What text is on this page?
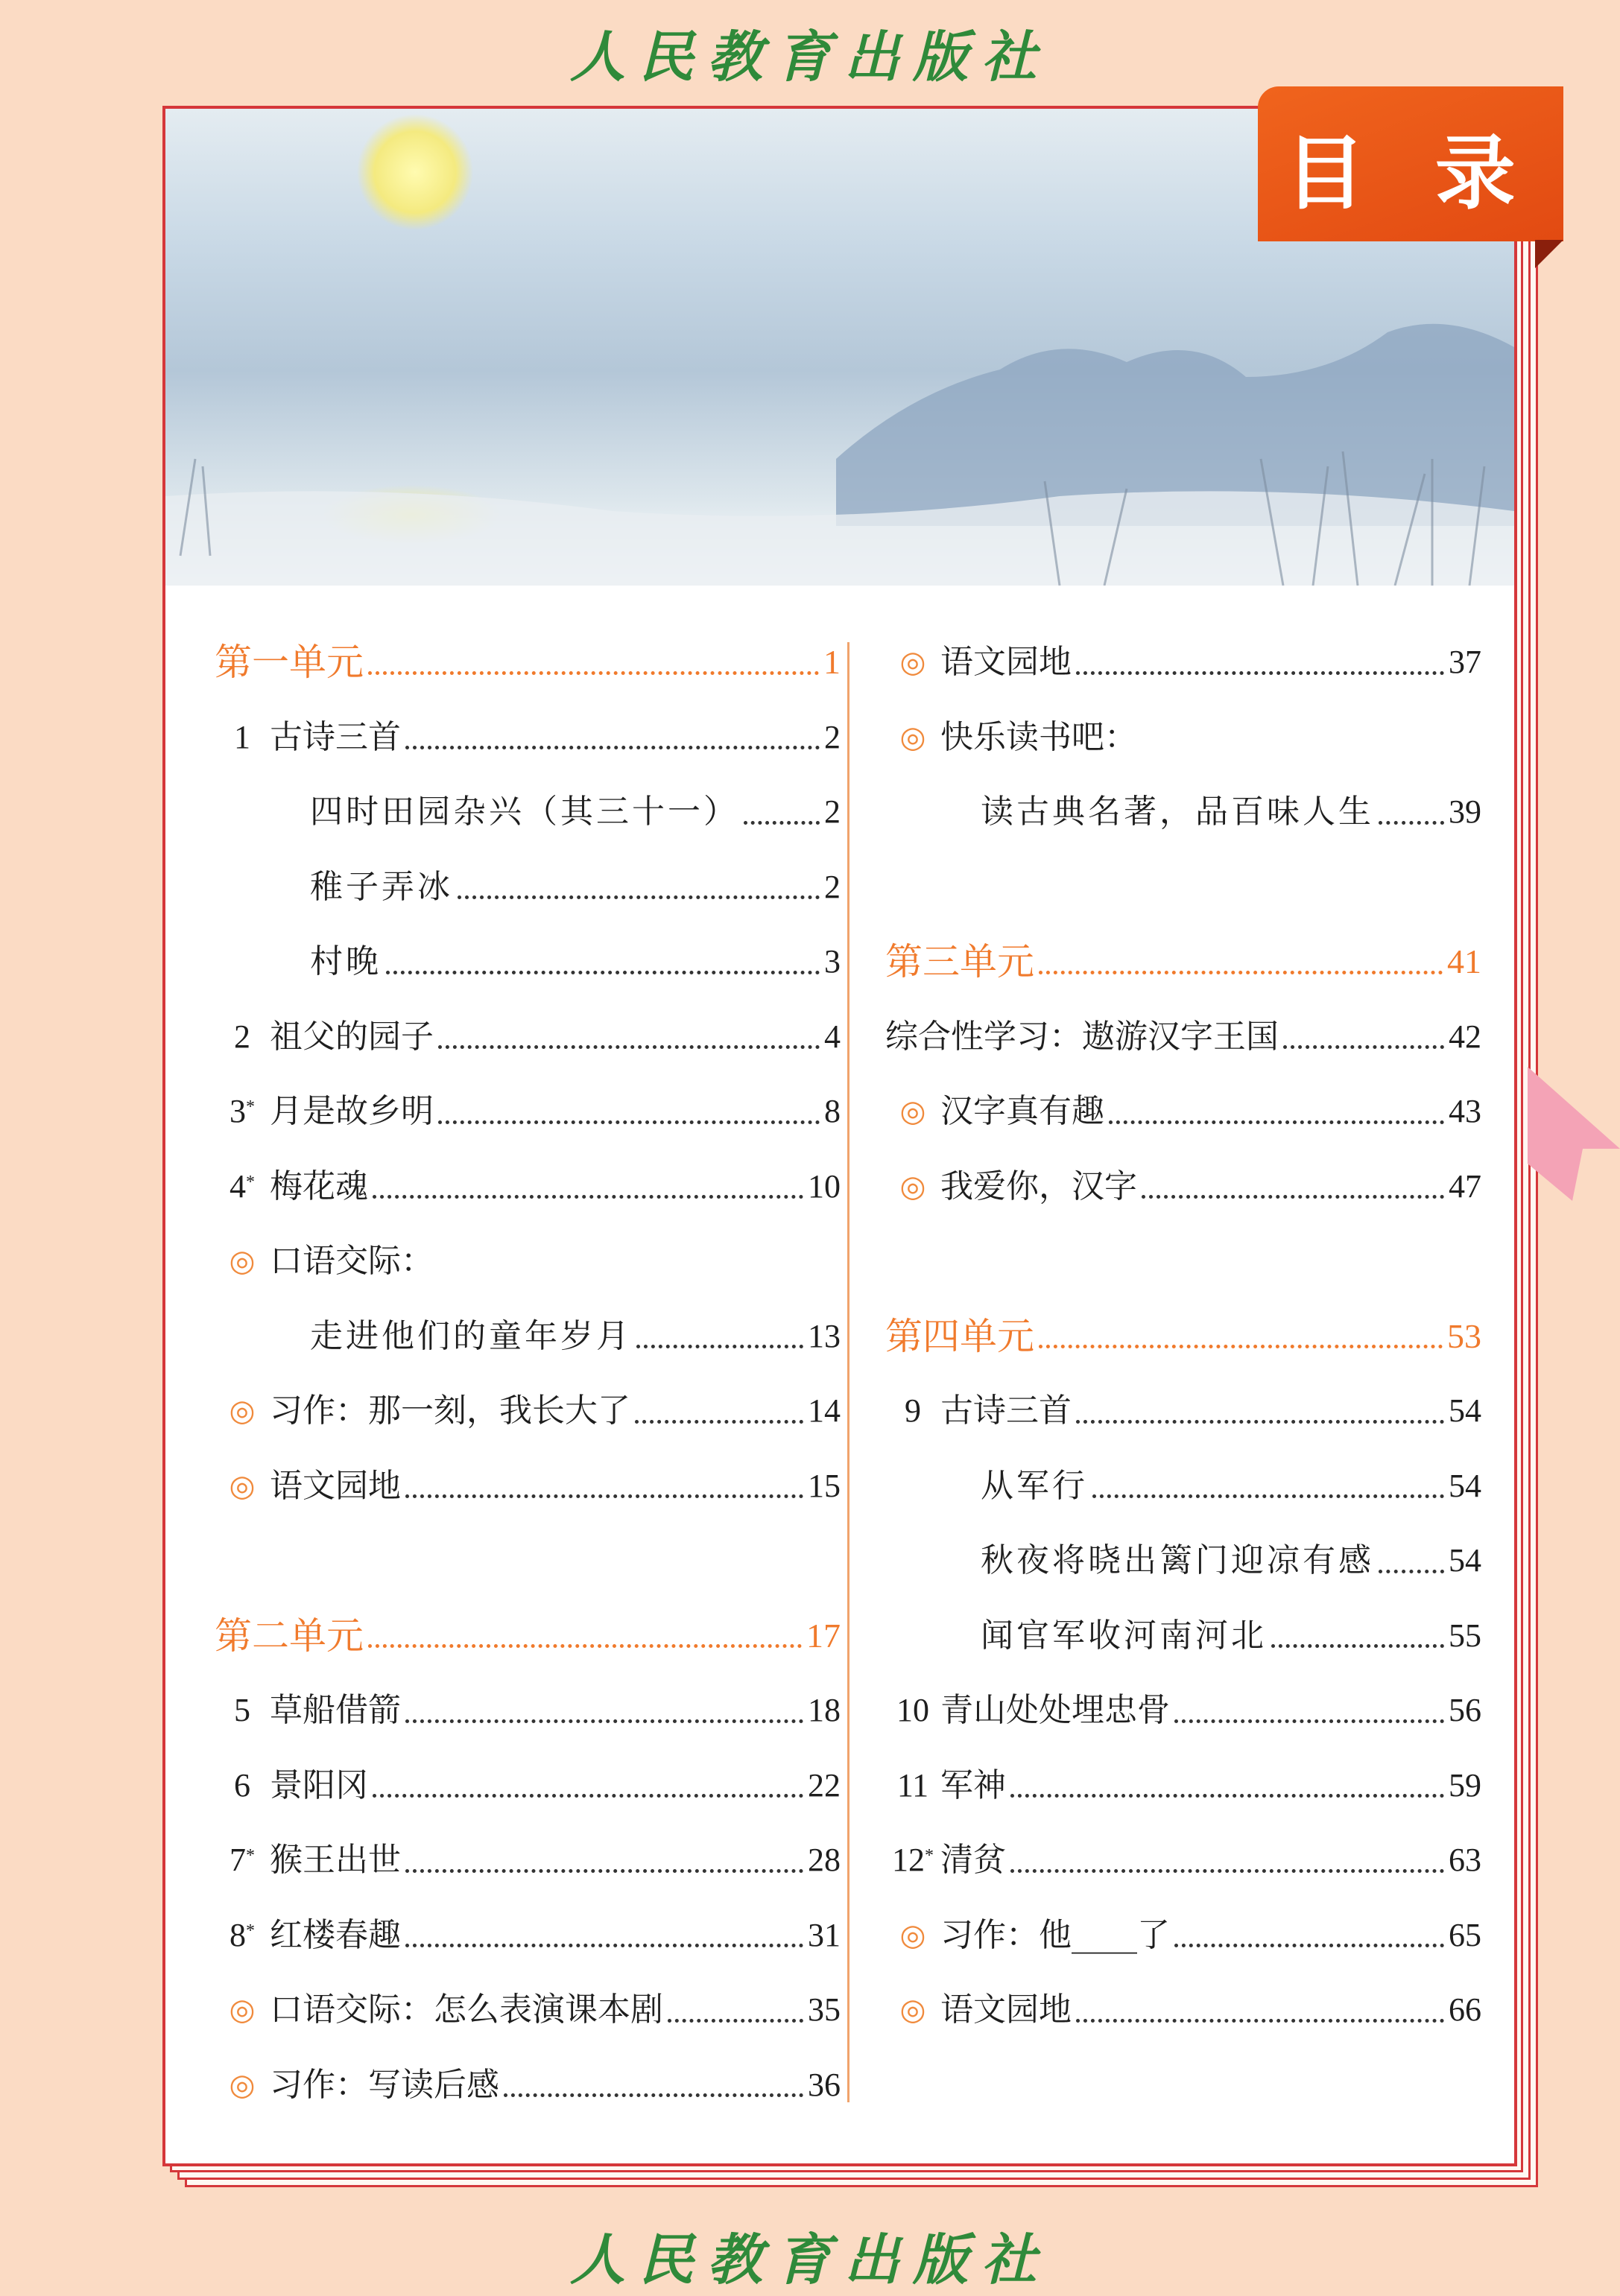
人民教育出版社
第一单元	1
1 古诗三首	2
四时田园杂兴（其三十一）	2
稚子弄冰	2
村晚	3
2 祖父的园子	4
3* 月是故乡明	8
4* 梅花魂	10
◎ 口语交际：
走进他们的童年岁月	13
◎ 习作：那一刻，我长大了	14
◎ 语文园地	15
第二单元	17
5 草船借箭	18
6 景阳冈	22
7* 猴王出世	28
8* 红楼春趣	31
◎ 口语交际：怎么表演课本剧	35
◎ 习作：写读后感	36
◎ 语文园地	37
◎ 快乐读书吧：
读古典名著，品百味人生 39
第三单元	41
综合性学习：遨游汉字王国	42
◎ 汉字真有趣	43
◎ 我爱你，汉字	47
第四单元	53
9 古诗三首	54
从军行	54
秋夜将晓出篱门迎凉有感 54
闻官军收河南河北	55
10 青山处处埋忠骨	56
11 军神	59
12* 清贫	63
◎ 习作：他____了	65
◎ 语文园地	66
目 录
人民教育出版社
